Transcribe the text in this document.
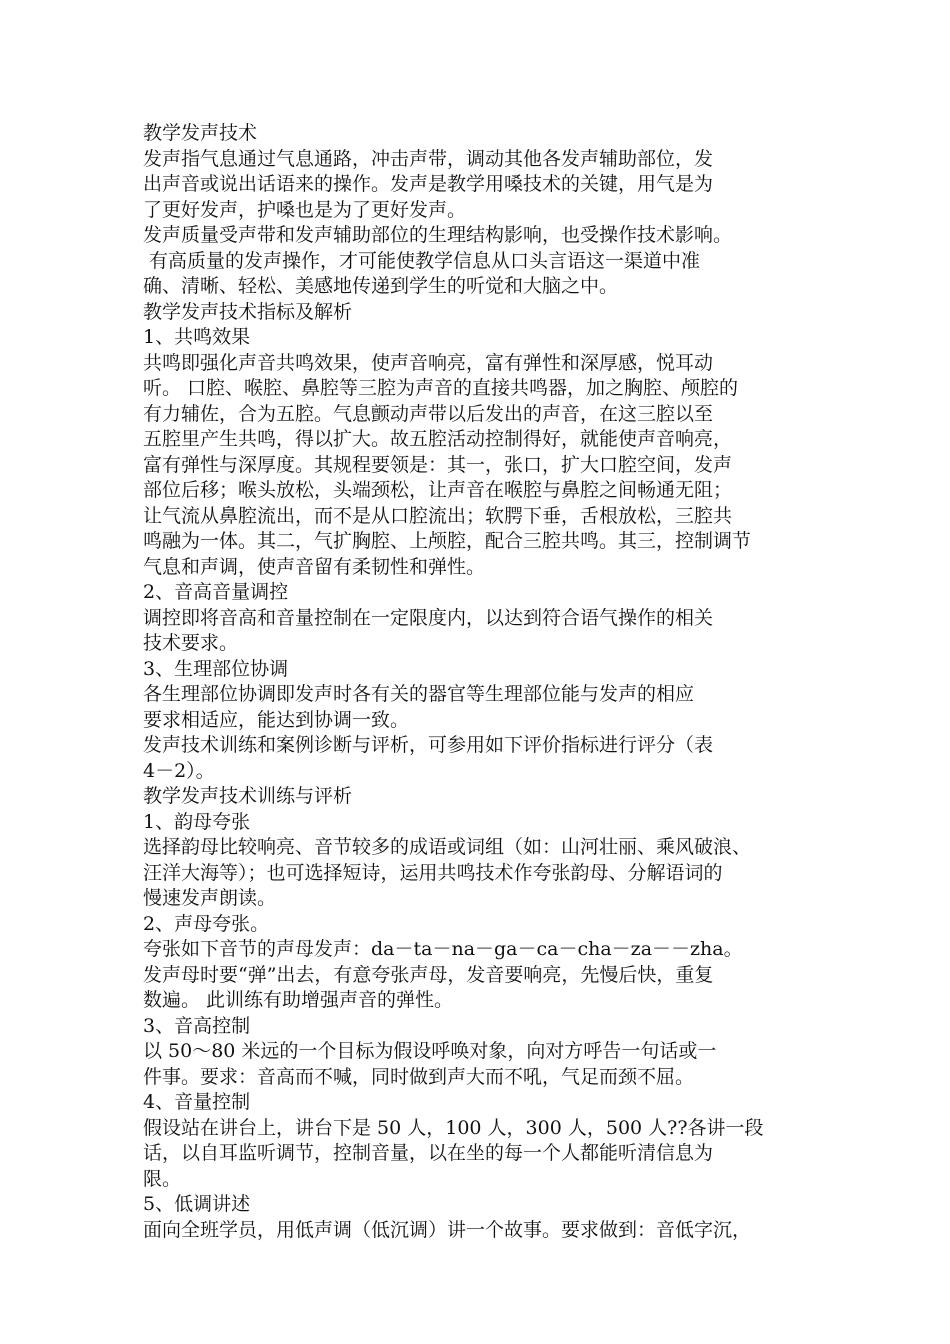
教学发声技术
发声指气息通过气息通路，冲击声带，调动其他各发声辅助部位，发
出声音或说出话语来的操作。发声是教学用嗓技术的关键，用气是为
了更好发声，护嗓也是为了更好发声。
发声质量受声带和发声辅助部位的生理结构影响，也受操作技术影响。
有高质量的发声操作，才可能使教学信息从口头言语这一渠道中准
确、清晰、轻松、美感地传递到学生的听觉和大脑之中。
教学发声技术指标及解析
1、共鸣效果
共鸣即强化声音共鸣效果，使声音响亮，富有弹性和深厚感，悦耳动
听。 口腔、喉腔、鼻腔等三腔为声音的直接共鸣器，加之胸腔、颅腔的
有力辅佐，合为五腔。气息颤动声带以后发出的声音，在这三腔以至
五腔里产生共鸣，得以扩大。故五腔活动控制得好，就能使声音响亮，
富有弹性与深厚度。其规程要领是：其一，张口，扩大口腔空间，发声
部位后移；喉头放松，头端颈松，让声音在喉腔与鼻腔之间畅通无阻；
让气流从鼻腔流出，而不是从口腔流出；软腭下垂，舌根放松，三腔共
鸣融为一体。其二，气扩胸腔、上颅腔，配合三腔共鸣。其三，控制调节
气息和声调，使声音留有柔韧性和弹性。
2、音高音量调控
调控即将音高和音量控制在一定限度内，以达到符合语气操作的相关
技术要求。
3、生理部位协调
各生理部位协调即发声时各有关的器官等生理部位能与发声的相应
要求相适应，能达到协调一致。
发声技术训练和案例诊断与评析，可参用如下评价指标进行评分（表
4－2）。
教学发声技术训练与评析
1、韵母夸张
选择韵母比较响亮、音节较多的成语或词组（如：山河壮丽、乘风破浪、
汪洋大海等）；也可选择短诗，运用共鸣技术作夸张韵母、分解语词的
慢速发声朗读。
2、声母夸张。
夸张如下音节的声母发声：da－ta－na－ga－ca－cha－za－－zha。
发声母时要“弹”出去，有意夸张声母，发音要响亮，先慢后快，重复
数遍。 此训练有助增强声音的弹性。
3、音高控制
以 50～80 米远的一个目标为假设呼唤对象，向对方呼告一句话或一
件事。要求：音高而不喊，同时做到声大而不吼，气足而颈不屈。
4、音量控制
假设站在讲台上，讲台下是 50 人，100 人，300 人，500 人??各讲一段
话，以自耳监听调节，控制音量，以在坐的每一个人都能听清信息为
限。
5、低调讲述
面向全班学员，用低声调（低沉调）讲一个故事。要求做到：音低字沉，
